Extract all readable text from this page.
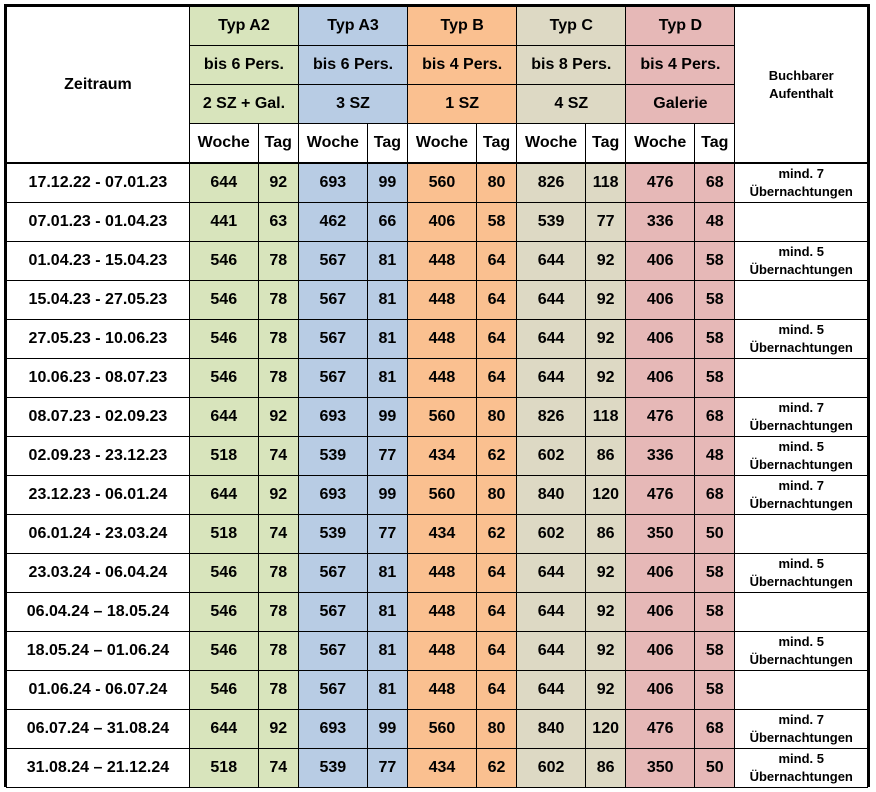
Zeitraum	Typ A2		Typ A3		Typ B		Typ C		Typ D		Buchbarer Aufenthalt
	bis 6 Pers.		bis 6 Pers.		bis 4 Pers.		bis 8 Pers.		bis 4 Pers.		
	2 SZ + Gal.		3 SZ		1 SZ		4 SZ		Galerie		
	Woche	Tag	Woche	Tag	Woche	Tag	Woche	Tag	Woche	Tag	
17.12.22 - 07.01.23	644	92	693	99	560	80	826	118	476	68	mind. 7
Übernachtungen

07.01.23 - 01.04.23	441	63	462	66	406	58	539	77	336	48	

01.04.23 - 15.04.23	546	78	567	81	448	64	644	92	406	58	mind. 5
Übernachtungen

15.04.23 - 27.05.23	546	78	567	81	448	64	644	92	406	58	

27.05.23 - 10.06.23	546	78	567	81	448	64	644	92	406	58	mind. 5
Übernachtungen

10.06.23 - 08.07.23	546	78	567	81	448	64	644	92	406	58	

08.07.23 - 02.09.23	644	92	693	99	560	80	826	118	476	68	mind. 7
Übernachtungen

02.09.23 - 23.12.23	518	74	539	77	434	62	602	86	336	48	mind. 5
Übernachtungen

23.12.23 - 06.01.24	644	92	693	99	560	80	840	120	476	68	mind. 7
Übernachtungen

06.01.24 - 23.03.24	518	74	539	77	434	62	602	86	350	50	

23.03.24 - 06.04.24	546	78	567	81	448	64	644	92	406	58	mind. 5
Übernachtungen

06.04.24 – 18.05.24	546	78	567	81	448	64	644	92	406	58	

18.05.24 – 01.06.24	546	78	567	81	448	64	644	92	406	58	mind. 5
Übernachtungen

01.06.24 - 06.07.24	546	78	567	81	448	64	644	92	406	58	

06.07.24 – 31.08.24	644	92	693	99	560	80	840	120	476	68	mind. 7
Übernachtungen

31.08.24 – 21.12.24	518	74	539	77	434	62	602	86	350	50	mind. 5
Übernachtungen
